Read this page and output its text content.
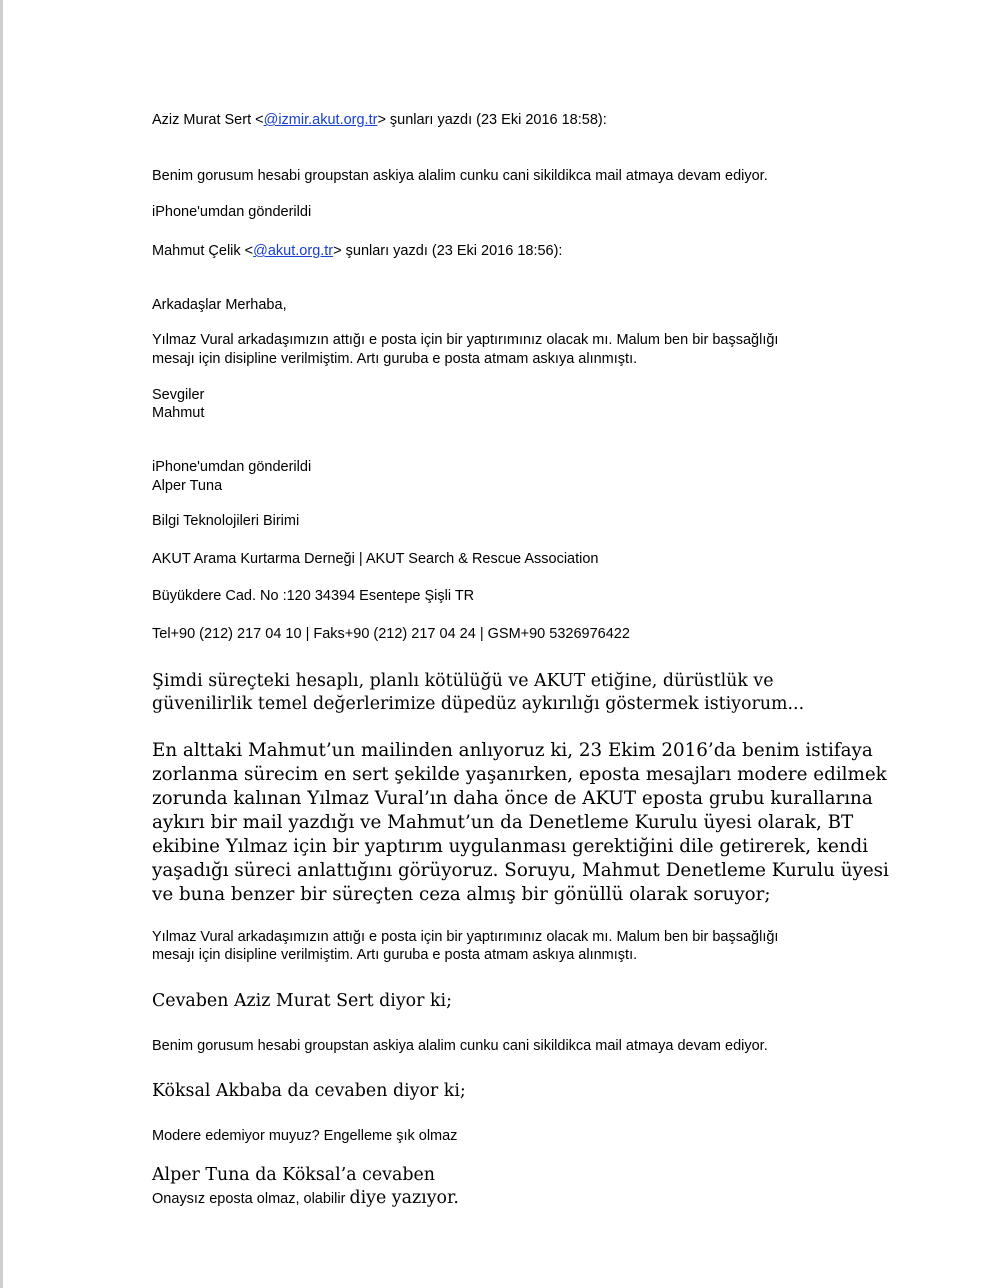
Aziz Murat Sert <@izmir.akut.org.tr> şunları yazdı (23 Eki 2016 18:58):
Benim gorusum hesabi groupstan askiya alalim cunku cani sikildikca mail atmaya devam ediyor.
iPhone'umdan gönderildi
Mahmut Çelik <@akut.org.tr> şunları yazdı (23 Eki 2016 18:56):
Arkadaşlar Merhaba,
Yılmaz Vural arkadaşımızın attığı e posta için bir yaptırımınız olacak mı. Malum ben bir başsağlığı
mesajı için disipline verilmiştim. Artı guruba e posta atmam askıya alınmıştı.
Sevgiler
Mahmut
iPhone'umdan gönderildi
Alper Tuna
Bilgi Teknolojileri Birimi
AKUT Arama Kurtarma Derneği | AKUT Search & Rescue Association
Büyükdere Cad. No :120 34394 Esentepe Şişli TR
Tel+90 (212) 217 04 10 | Faks+90 (212) 217 04 24 | GSM+90 5326976422
Şimdi süreçteki hesaplı, planlı kötülüğü ve AKUT etiğine, dürüstlük ve
güvenilirlik temel değerlerimize düpedüz aykırılığı göstermek istiyorum...
En alttaki Mahmut’un mailinden anlıyoruz ki, 23 Ekim 2016’da benim istifaya
zorlanma sürecim en sert şekilde yaşanırken, eposta mesajları modere edilmek
zorunda kalınan Yılmaz Vural’ın daha önce de AKUT eposta grubu kurallarına
aykırı bir mail yazdığı ve Mahmut’un da Denetleme Kurulu üyesi olarak, BT
ekibine Yılmaz için bir yaptırım uygulanması gerektiğini dile getirerek, kendi
yaşadığı süreci anlattığını görüyoruz. Soruyu, Mahmut Denetleme Kurulu üyesi
ve buna benzer bir süreçten ceza almış bir gönüllü olarak soruyor;
Yılmaz Vural arkadaşımızın attığı e posta için bir yaptırımınız olacak mı. Malum ben bir başsağlığı
mesajı için disipline verilmiştim. Artı guruba e posta atmam askıya alınmıştı.
Cevaben Aziz Murat Sert diyor ki;
Benim gorusum hesabi groupstan askiya alalim cunku cani sikildikca mail atmaya devam ediyor.
Köksal Akbaba da cevaben diyor ki;
Modere edemiyor muyuz? Engelleme şık olmaz
Alper Tuna da Köksal’a cevaben
Onaysız eposta olmaz, olabilir diye yazıyor.
